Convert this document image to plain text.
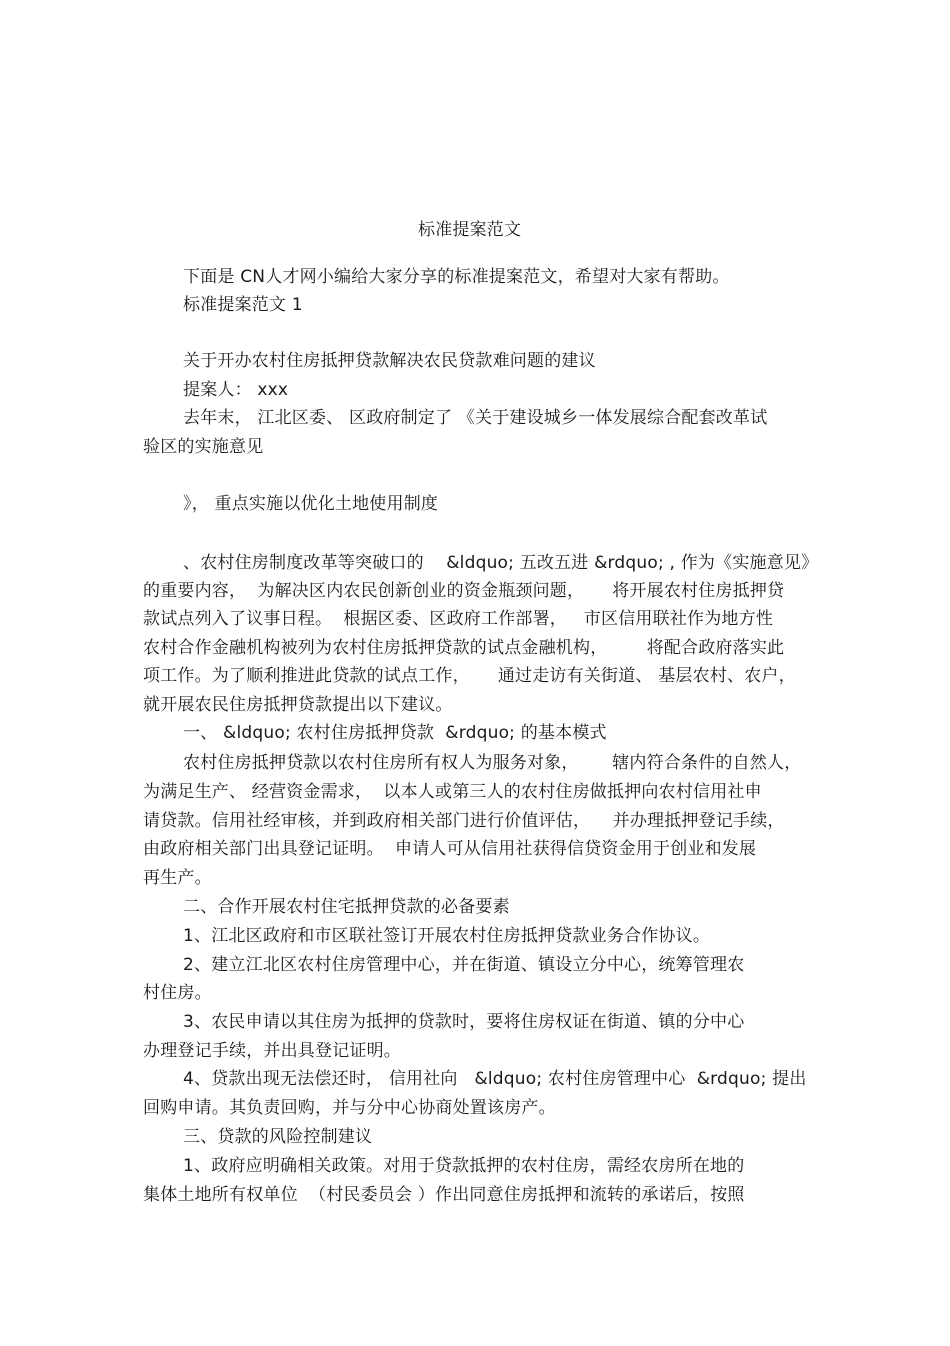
标准提案范文
下面是 CN人才网小编给大家分享的标准提案范文，希望对大家有帮助。
标准提案范文 1
关于开办农村住房抵押贷款解决农民贷款难问题的建议
提案人： xxx
去年末， 江北区委、 区政府制定了 《关于建设城乡一体发展综合配套改革试
验区的实施意见
》， 重点实施以优化土地使用制度
、农村住房制度改革等突破口的    &ldquo; 五改五进 &rdquo; , 作为《实施意见》
的重要内容，  为解决区内农民创新创业的资金瓶颈问题，     将开展农村住房抵押贷
款试点列入了议事日程。  根据区委、区政府工作部署，   市区信用联社作为地方性
农村合作金融机构被列为农村住房抵押贷款的试点金融机构，       将配合政府落实此
项工作。为了顺利推进此贷款的试点工作，     通过走访有关街道、 基层农村、农户，
就开展农民住房抵押贷款提出以下建议。
一、 &ldquo; 农村住房抵押贷款  &rdquo; 的基本模式
农村住房抵押贷款以农村住房所有权人为服务对象，      辖内符合条件的自然人，
为满足生产、 经营资金需求，  以本人或第三人的农村住房做抵押向农村信用社申
请贷款。信用社经审核，并到政府相关部门进行价值评估，    并办理抵押登记手续，
由政府相关部门出具登记证明。  申请人可从信用社获得信贷资金用于创业和发展
再生产。
二、合作开展农村住宅抵押贷款的必备要素
1、江北区政府和市区联社签订开展农村住房抵押贷款业务合作协议。
2、建立江北区农村住房管理中心，并在街道、镇设立分中心，统筹管理农
村住房。
3、农民申请以其住房为抵押的贷款时，要将住房权证在街道、镇的分中心
办理登记手续，并出具登记证明。
4、贷款出现无法偿还时， 信用社向   &ldquo; 农村住房管理中心  &rdquo; 提出
回购申请。其负责回购，并与分中心协商处置该房产。
三、贷款的风险控制建议
1、政府应明确相关政策。对用于贷款抵押的农村住房，需经农房所在地的
集体土地所有权单位  （村民委员会 ）作出同意住房抵押和流转的承诺后，按照
